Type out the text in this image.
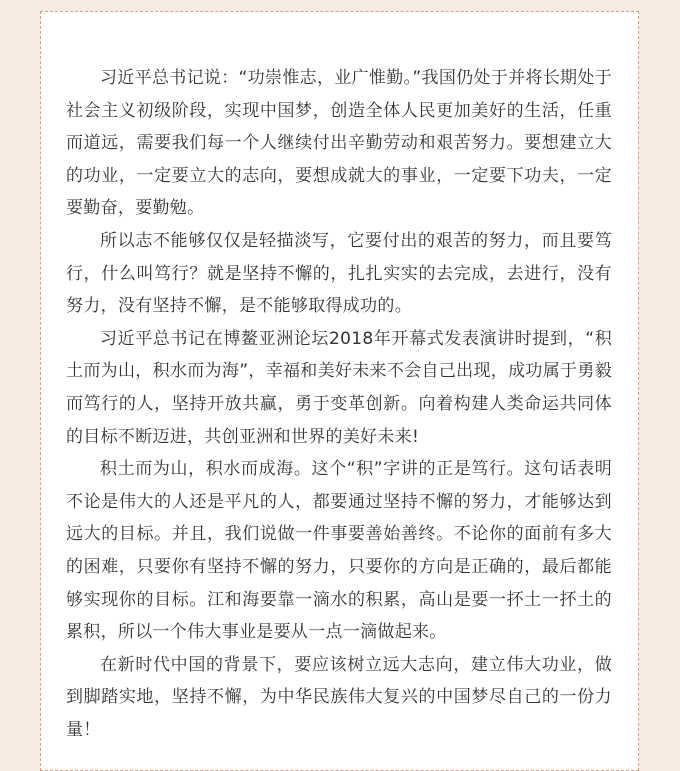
习近平总书记说：“功崇惟志，业广惟勤。”我国仍处于并将长期处于社会主义初级阶段，实现中国梦，创造全体人民更加美好的生活，任重而道远，需要我们每一个人继续付出辛勤劳动和艰苦努力。要想建立大的功业，一定要立大的志向，要想成就大的事业，一定要下功夫，一定要勤奋，要勤勉。

所以志不能够仅仅是轻描淡写，它要付出的艰苦的努力，而且要笃行，什么叫笃行？就是坚持不懈的，扎扎实实的去完成，去进行，没有努力，没有坚持不懈，是不能够取得成功的。

习近平总书记在博鳌亚洲论坛2018年开幕式发表演讲时提到，“积土而为山，积水而为海”，幸福和美好未来不会自己出现，成功属于勇毅而笃行的人，坚持开放共赢，勇于变革创新。向着构建人类命运共同体的目标不断迈进，共创亚洲和世界的美好未来!

积土而为山，积水而成海。这个“积”字讲的正是笃行。这句话表明不论是伟大的人还是平凡的人，都要通过坚持不懈的努力，才能够达到远大的目标。并且，我们说做一件事要善始善终。不论你的面前有多大的困难，只要你有坚持不懈的努力，只要你的方向是正确的，最后都能够实现你的目标。江和海要靠一滴水的积累，高山是要一抔土一抔土的累积，所以一个伟大事业是要从一点一滴做起来。

在新时代中国的背景下，要应该树立远大志向，建立伟大功业，做到脚踏实地，坚持不懈，为中华民族伟大复兴的中国梦尽自己的一份力量！
